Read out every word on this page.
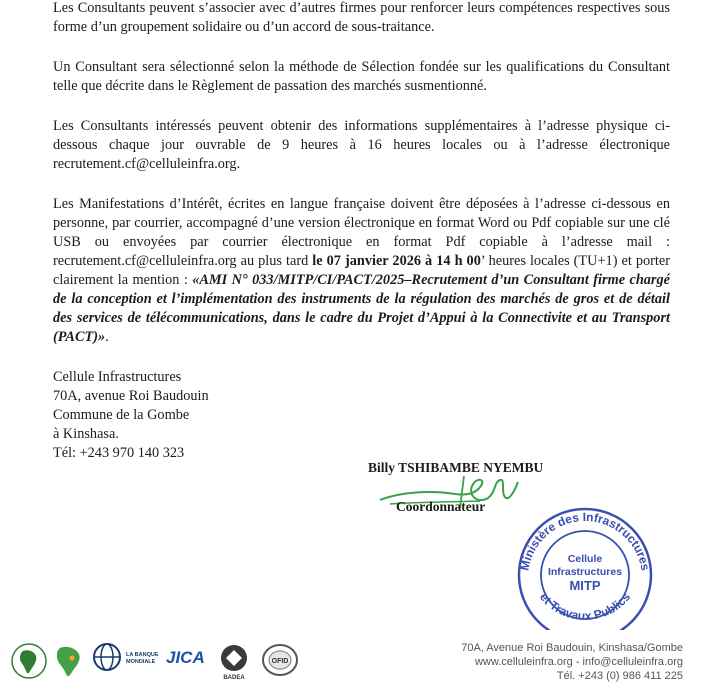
Les Consultants peuvent s’associer avec d’autres firmes pour renforcer leurs compétences respectives sous forme d’un groupement solidaire ou d’un accord de sous-traitance.

Un Consultant sera sélectionné selon la méthode de Sélection fondée sur les qualifications du Consultant telle que décrite dans le Règlement de passation des marchés susmentionné.

Les Consultants intéressés peuvent obtenir des informations supplémentaires à l’adresse physique ci-dessous chaque jour ouvrable de 9 heures à 16 heures locales ou à l’adresse électronique recrutement.cf@celluleinfra.org.

Les Manifestations d’Intérêt, écrites en langue française doivent être déposées à l’adresse ci-dessous en personne, par courrier, accompagné d’une version électronique en format Word ou Pdf copiable sur une clé USB ou envoyées par courrier électronique en format Pdf copiable à l’adresse mail : recrutement.cf@celluleinfra.org au plus tard le 07 janvier 2026 à 14 h 00’ heures locales (TU+1) et porter clairement la mention : «AMI N° 033/MITP/CI/PACT/2025–Recrutement d’un Consultant firme chargé de la conception et l’implémentation des instruments de la régulation des marchés de gros et de détail des services de télécommunications, dans le cadre du Projet d’Appui à la Connectivite et au Transport (PACT)».

Cellule Infrastructures
70A, avenue Roi Baudouin
Commune de la Gombe
à Kinshasa.
Tél: +243 970 140 323
Billy TSHIBAMBE NYEMBU
Coordonnateur
Ministère des Infrastructures
et Travaux Publics
Cellule
Infrastructures
MITP
LA BANQUE
MONDIALE JICA
BADEA
OFID
70A, Avenue Roi Baudouin, Kinshasa/Gombe
www.celluleinfra.org - info@celluleinfra.org
Tél. +243 (0) 986 411 225
